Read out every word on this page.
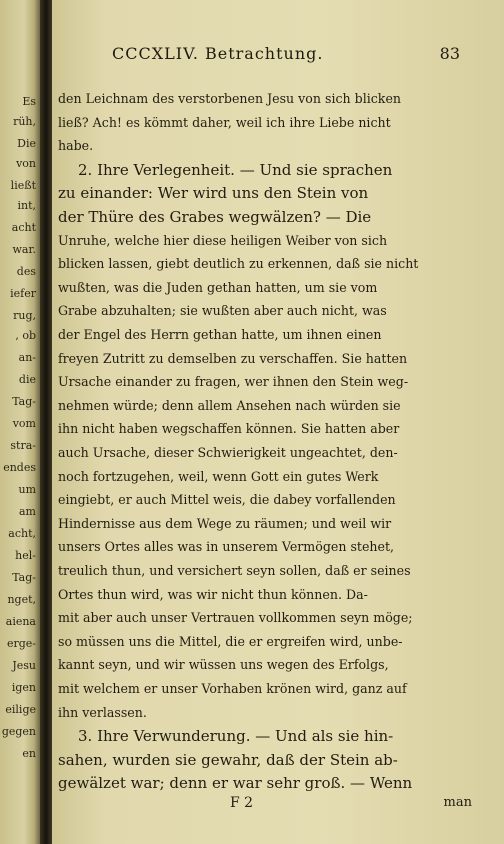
Es
rüh,
Die
von
ließt
int,
acht
war.
des
iefer
rug,
, ob
an-
die
Tag-
vom
stra-
endes
um
am
acht,
hel-
Tag-
nget,
aiena
erge-
Jesu
igen
eilige
gegen
en
CCCXLIV. Betrachtung.	83
den Leichnam des verstorbenen Jesu von sich blicken
ließ? Ach! es kömmt daher, weil ich ihre Liebe nicht
habe.
2. Ihre Verlegenheit. — Und sie sprachen
zu einander: Wer wird uns den Stein von
der Thüre des Grabes wegwälzen? — Die
Unruhe, welche hier diese heiligen Weiber von sich
blicken lassen, giebt deutlich zu erkennen, daß sie nicht
wußten, was die Juden gethan hatten, um sie vom
Grabe abzuhalten; sie wußten aber auch nicht, was
der Engel des Herrn gethan hatte, um ihnen einen
freyen Zutritt zu demselben zu verschaffen. Sie hatten
Ursache einander zu fragen, wer ihnen den Stein weg-
nehmen würde; denn allem Ansehen nach würden sie
ihn nicht haben wegschaffen können. Sie hatten aber
auch Ursache, dieser Schwierigkeit ungeachtet, den-
noch fortzugehen, weil, wenn Gott ein gutes Werk
eingiebt, er auch Mittel weis, die dabey vorfallenden
Hindernisse aus dem Wege zu räumen; und weil wir
unsers Ortes alles was in unserem Vermögen stehet,
treulich thun, und versichert seyn sollen, daß er seines
Ortes thun wird, was wir nicht thun können. Da-
mit aber auch unser Vertrauen vollkommen seyn möge;
so müssen uns die Mittel, die er ergreifen wird, unbe-
kannt seyn, und wir wüssen uns wegen des Erfolgs,
mit welchem er unser Vorhaben krönen wird, ganz auf
ihn verlassen.
3. Ihre Verwunderung. — Und als sie hin-
sahen, wurden sie gewahr, daß der Stein ab-
gewälzet war; denn er war sehr groß. — Wenn
F 2	man
